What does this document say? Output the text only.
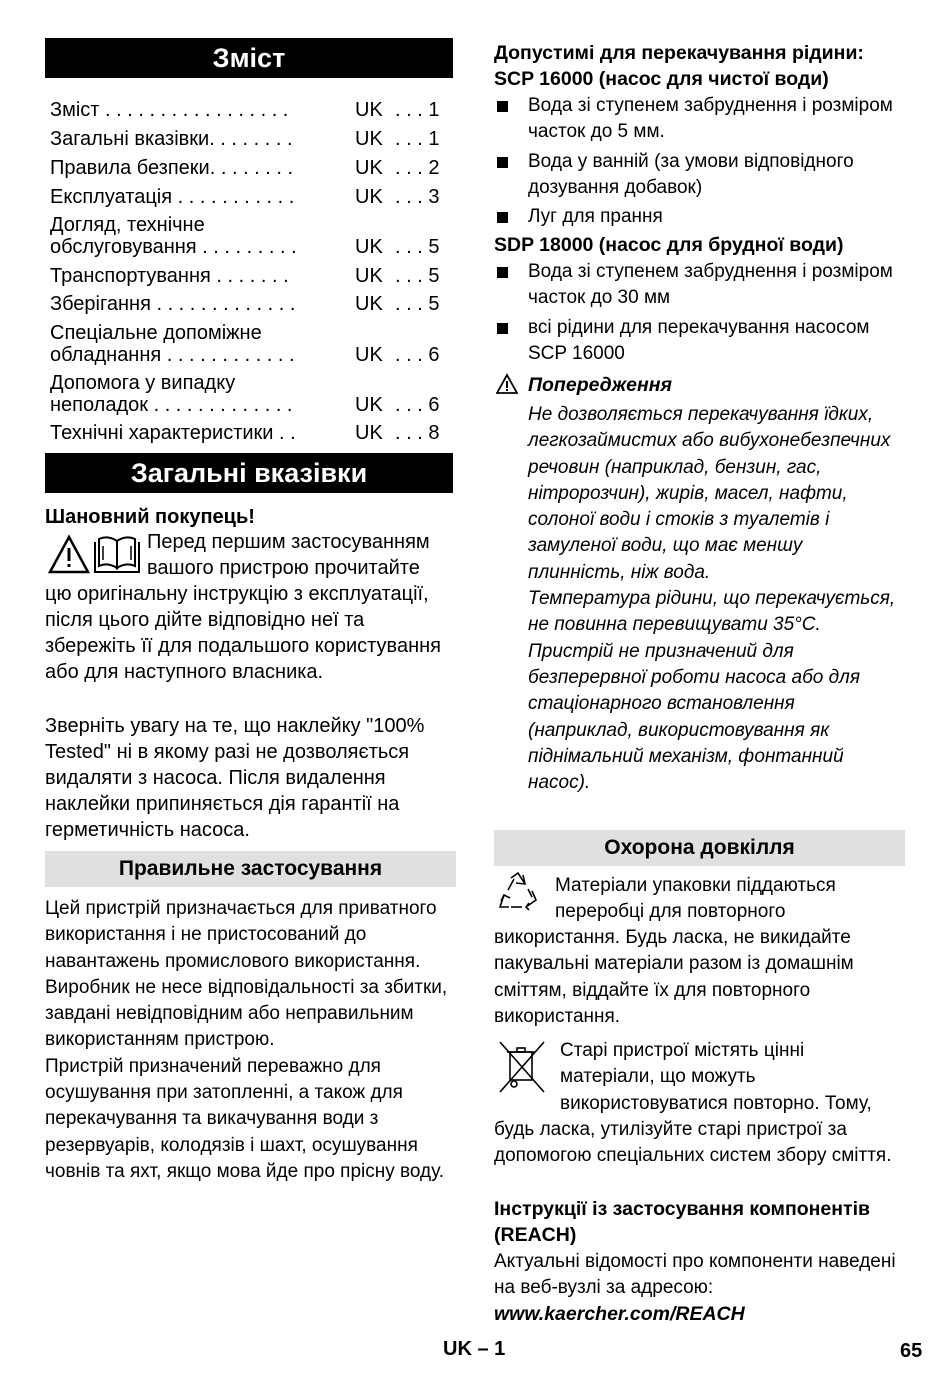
Зміст
Зміст . . . . . . . . . . . . . . . . .	UK . . . 1
Загальні вказівки. . . . . . . .	UK . . . 1
Правила безпеки. . . . . . . .	UK . . . 2
Експлуатація . . . . . . . . . . .	UK . . . 3
Догляд, технічне
обслуговування . . . . . . . . .	UK . . . 5
Транспортування . . . . . . .	UK . . . 5
Зберігання . . . . . . . . . . . . .	UK . . . 5
Спеціальне допоміжне
обладнання . . . . . . . . . . . .	UK . . . 6
Допомога у випадку
неполадок . . . . . . . . . . . . .	UK . . . 6
Технічні характеристики . .	UK . . . 8
Загальні вказівки
Шановний покупець!
Перед першим застосуванням
вашого пристрою прочитайте
цю оригінальну інструкцію з експлуатації, після цього дійте відповідно неї та збережіть її для подальшого користування або для наступного власника.
Зверніть увагу на те, що наклейку "100% Tested" ні в якому разі не дозволяється видаляти з насоса. Після видалення наклейки припиняється дія гарантії на герметичність насоса.
Правильне застосування
Цей пристрій призначається для приватного використання і не пристосований до навантажень промислового використання.
Виробник не несе відповідальності за збитки, завдані невідповідним або неправильним використанням пристрою.
Пристрій призначений переважно для осушування при затопленні, а також для перекачування та викачування води з резервуарів, колодязів і шахт, осушування човнів та яхт, якщо мова йде про прісну воду.
Допустимі для перекачування рідини:
SCP 16000 (насос для чистої води)
Вода зі ступенем забруднення і розміром часток до 5 мм.
Вода у ванній (за умови відповідного дозування добавок)
Луг для прання
SDP 18000 (насос для брудної води)
Вода зі ступенем забруднення і розміром часток до 30 мм
всі рідини для перекачування насосом SCP 16000
Попередження
Не дозволяється перекачування їдких, легкозаймистих або вибухонебезпечних речовин (наприклад, бензин, гас, нітророзчин), жирів, масел, нафти, солоної води і стоків з туалетів і замуленої води, що має меншу плинність, ніж вода.
Температура рідини, що перекачується, не повинна перевищувати 35°C.
Пристрій не призначений для безперервної роботи насоса або для стаціонарного встановлення (наприклад, використовування як піднімальний механізм, фонтанний насос).
Охорона довкілля
Матеріали упаковки піддаються
переробці для повторного
використання. Будь ласка, не викидайте пакувальні матеріали разом із домашнім сміттям, віддайте їх для повторного використання.
Старі пристрої містять цінні
матеріали, що можуть
використовуватися повторно. Тому,
будь ласка, утилізуйте старі пристрої за допомогою спеціальних систем збору сміття.
Інструкції із застосування компонентів (REACH)
Актуальні відомості про компоненти наведені на веб-вузлі за адресою:
www.kaercher.com/REACH
UK – 1	65
